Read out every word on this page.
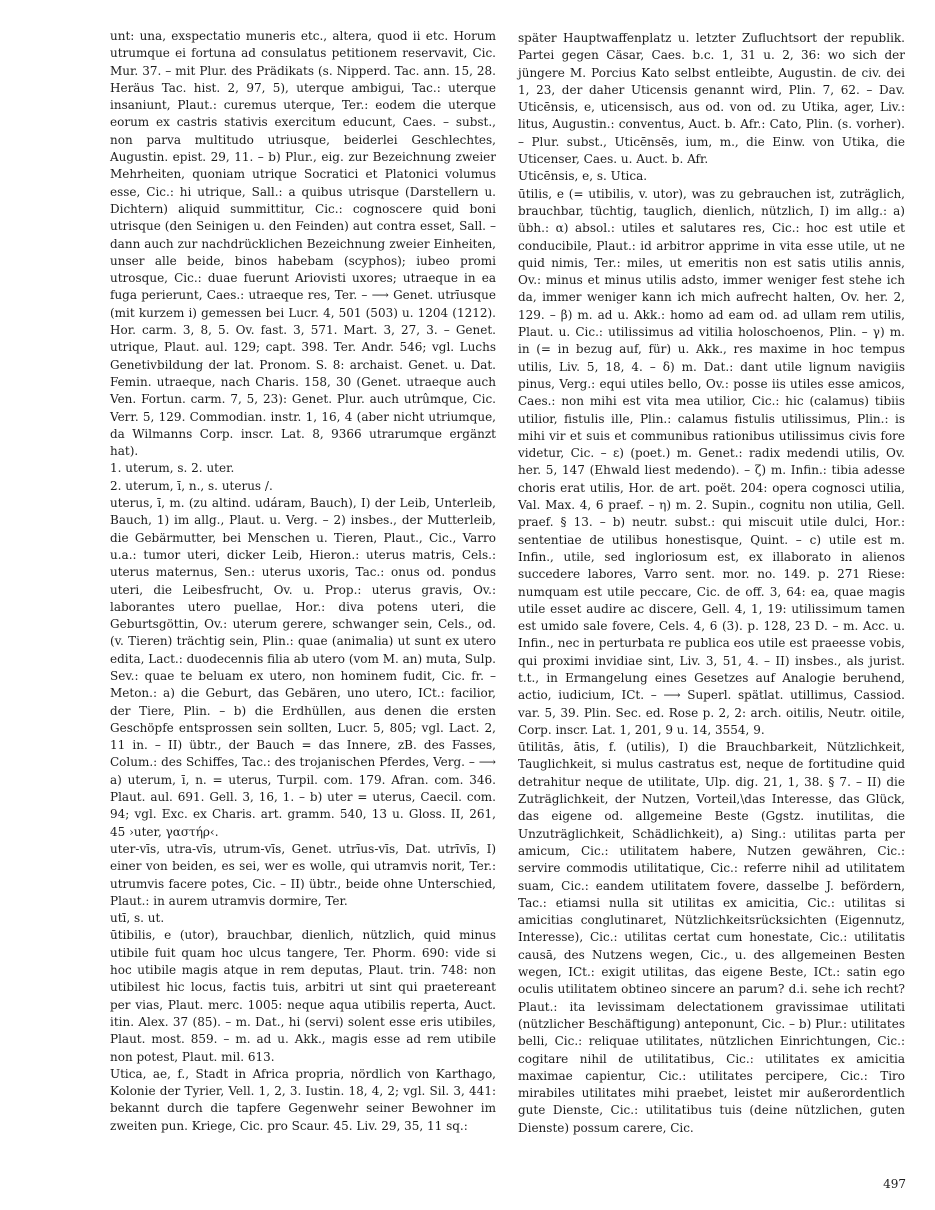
unt: una, exspectatio muneris etc., altera, quod ii etc. Horum utrumque ei fortuna ad consulatus petitionem reservavit, Cic. Mur. 37. – mit Plur. des Prädikats (s. Nipperd. Tac. ann. 15, 28. Heräus Tac. hist. 2, 97, 5), uterque ambigui, Tac.: uterque insaniunt, Plaut.: curemus uterque, Ter.: eodem die uterque eorum ex castris stativis exercitum educunt, Caes. – subst., non parva multitudo utriusque, beiderlei Geschlechtes, Augustin. epist. 29, 11. – b) Plur., eig. zur Bezeichnung zweier Mehrheiten, quoniam utrique Socratici et Platonici volumus esse, Cic.: hi utrique, Sall.: a quibus utrisque (Darstellern u. Dichtern) aliquid summittitur, Cic.: cognoscere quid boni utrisque (den Seinigen u. den Feinden) aut contra esset, Sall. – dann auch zur nachdrücklichen Bezeichnung zweier Einheiten, unser alle beide, binos habebam (scyphos); iubeo promi utrosque, Cic.: duae fuerunt Ariovisti uxores; utraeque in ea fuga perierunt, Caes.: utraeque res, Ter. – ⟶ Genet. utrīusque (mit kurzem i) gemessen bei Lucr. 4, 501 (503) u. 1204 (1212). Hor. carm. 3, 8, 5. Ov. fast. 3, 571. Mart. 3, 27, 3. – Genet. utrique, Plaut. aul. 129; capt. 398. Ter. Andr. 546; vgl. Luchs Genetivbildung der lat. Pronom. S. 8: archaist. Genet. u. Dat. Femin. utraeque, nach Charis. 158, 30 (Genet. utraeque auch Ven. Fortun. carm. 7, 5, 23): Genet. Plur. auch utrûmque, Cic. Verr. 5, 129. Commodian. instr. 1, 16, 4 (aber nicht utriumque, da Wilmanns Corp. inscr. Lat. 8, 9366 utrarumque ergänzt hat).

1. uterum, s. 2. uter.

2. uterum, ī, n., s. uterus /.

uterus, ī, m. (zu altind. udáram, Bauch), I) der Leib, Unterleib, Bauch, 1) im allg., Plaut. u. Verg. – 2) insbes., der Mutterleib, die Gebärmutter, bei Menschen u. Tieren, Plaut., Cic., Varro u.a.: tumor uteri, dicker Leib, Hieron.: uterus matris, Cels.: uterus maternus, Sen.: uterus uxoris, Tac.: onus od. pondus uteri, die Leibesfrucht, Ov. u. Prop.: uterus gravis, Ov.: laborantes utero puellae, Hor.: diva potens uteri, die Geburtsgöttin, Ov.: uterum gerere, schwanger sein, Cels., od. (v. Tieren) trächtig sein, Plin.: quae (animalia) ut sunt ex utero edita, Lact.: duodecennis filia ab utero (vom M. an) muta, Sulp. Sev.: quae te beluam ex utero, non hominem fudit, Cic. fr. – Meton.: a) die Geburt, das Gebären, uno utero, ICt.: facilior, der Tiere, Plin. – b) die Erdhüllen, aus denen die ersten Geschöpfe entsprossen sein sollten, Lucr. 5, 805; vgl. Lact. 2, 11 in. – II) übtr., der Bauch = das Innere, zB. des Fasses, Colum.: des Schiffes, Tac.: des trojanischen Pferdes, Verg. – ⟶ a) uterum, ī, n. = uterus, Turpil. com. 179. Afran. com. 346. Plaut. aul. 691. Gell. 3, 16, 1. – b) uter = uterus, Caecil. com. 94; vgl. Exc. ex Charis. art. gramm. 540, 13 u. Gloss. II, 261, 45 ›uter, γαστήρ‹.

uter-vīs, utra-vīs, utrum-vīs, Genet. utrīus-vīs, Dat. utrīvīs, I) einer von beiden, es sei, wer es wolle, qui utramvis norit, Ter.: utrumvis facere potes, Cic. – II) übtr., beide ohne Unterschied, Plaut.: in aurem utramvis dormire, Ter.

utī, s. ut.

ūtibilis, e (utor), brauchbar, dienlich, nützlich, quid minus utibile fuit quam hoc ulcus tangere, Ter. Phorm. 690: vide si hoc utibile magis atque in rem deputas, Plaut. trin. 748: non utibilest hic locus, factis tuis, arbitri ut sint qui praetereant per vias, Plaut. merc. 1005: neque aqua utibilis reperta, Auct. itin. Alex. 37 (85). – m. Dat., hi (servi) solent esse eris utibiles, Plaut. most. 859. – m. ad u. Akk., magis esse ad rem utibile non potest, Plaut. mil. 613.

Utica, ae, f., Stadt in Africa propria, nördlich von Karthago, Kolonie der Tyrier, Vell. 1, 2, 3. Iustin. 18, 4, 2; vgl. Sil. 3, 441: bekannt durch die tapfere Gegenwehr seiner Bewohner im zweiten pun. Kriege, Cic. pro Scaur. 45. Liv. 29, 35, 11 sq.:

später Hauptwaffenplatz u. letzter Zufluchtsort der republik. Partei gegen Cäsar, Caes. b.c. 1, 31 u. 2, 36: wo sich der jüngere M. Porcius Kato selbst entleibte, Augustin. de civ. dei 1, 23, der daher Uticensis genannt wird, Plin. 7, 62. – Dav. Uticēnsis, e, uticensisch, aus od. von od. zu Utika, ager, Liv.: litus, Augustin.: conventus, Auct. b. Afr.: Cato, Plin. (s. vorher). – Plur. subst., Uticēnsēs, ium, m., die Einw. von Utika, die Uticenser, Caes. u. Auct. b. Afr.

Uticēnsis, e, s. Utica.

ūtilis, e (= utibilis, v. utor), was zu gebrauchen ist, zuträglich, brauchbar, tüchtig, tauglich, dienlich, nützlich, I) im allg.: a) übh.: α) absol.: utiles et salutares res, Cic.: hoc est utile et conducibile, Plaut.: id arbitror apprime in vita esse utile, ut ne quid nimis, Ter.: miles, ut emeritis non est satis utilis annis, Ov.: minus et minus utilis adsto, immer weniger fest stehe ich da, immer weniger kann ich mich aufrecht halten, Ov. her. 2, 129. – β) m. ad u. Akk.: homo ad eam od. ad ullam rem utilis, Plaut. u. Cic.: utilissimus ad vitilia holoschoenos, Plin. – γ) m. in (= in bezug auf, für) u. Akk., res maxime in hoc tempus utilis, Liv. 5, 18, 4. – δ) m. Dat.: dant utile lignum navigiis pinus, Verg.: equi utiles bello, Ov.: posse iis utiles esse amicos, Caes.: non mihi est vita mea utilior, Cic.: hic (calamus) tibiis utilior, fistulis ille, Plin.: calamus fistulis utilissimus, Plin.: is mihi vir et suis et communibus rationibus utilissimus civis fore videtur, Cic. – ε) (poet.) m. Genet.: radix medendi utilis, Ov. her. 5, 147 (Ehwald liest medendo). – ζ) m. Infin.: tibia adesse choris erat utilis, Hor. de art. poët. 204: opera cognosci utilia, Val. Max. 4, 6 praef. – η) m. 2. Supin., cognitu non utilia, Gell. praef. § 13. – b) neutr. subst.: qui miscuit utile dulci, Hor.: sententiae de utilibus honestisque, Quint. – c) utile est m. Infin., utile, sed ingloriosum est, ex illaborato in alienos succedere labores, Varro sent. mor. no. 149. p. 271 Riese: numquam est utile peccare, Cic. de off. 3, 64: ea, quae magis utile esset audire ac discere, Gell. 4, 1, 19: utilissimum tamen est umido sale fovere, Cels. 4, 6 (3). p. 128, 23 D. – m. Acc. u. Infin., nec in perturbata re publica eos utile est praeesse vobis, qui proximi invidiae sint, Liv. 3, 51, 4. – II) insbes., als jurist. t.t., in Ermangelung eines Gesetzes auf Analogie beruhend, actio, iudicium, ICt. – ⟶ Superl. spätlat. utillimus, Cassiod. var. 5, 39. Plin. Sec. ed. Rose p. 2, 2: arch. oitilis, Neutr. oitile, Corp. inscr. Lat. 1, 201, 9 u. 14, 3554, 9.

ūtilitās, ātis, f. (utilis), I) die Brauchbarkeit, Nützlichkeit, Tauglichkeit, si mulus castratus est, neque de fortitudine quid detrahitur neque de utilitate, Ulp. dig. 21, 1, 38. § 7. – II) die Zuträglichkeit, der Nutzen, Vorteil,\das Interesse, das Glück, das eigene od. allgemeine Beste (Ggstz. inutilitas, die Unzuträglichkeit, Schädlichkeit), a) Sing.: utilitas parta per amicum, Cic.: utilitatem habere, Nutzen gewähren, Cic.: servire commodis utilitatique, Cic.: referre nihil ad utilitatem suam, Cic.: eandem utilitatem fovere, dasselbe J. befördern, Tac.: etiamsi nulla sit utilitas ex amicitia, Cic.: utilitas si amicitias conglutinaret, Nützlichkeitsrücksichten (Eigennutz, Interesse), Cic.: utilitas certat cum honestate, Cic.: utilitatis causā, des Nutzens wegen, Cic., u. des allgemeinen Besten wegen, ICt.: exigit utilitas, das eigene Beste, ICt.: satin ego oculis utilitatem obtineo sincere an parum? d.i. sehe ich recht? Plaut.: ita levissimam delectationem gravissimae utilitati (nützlicher Beschäftigung) anteponunt, Cic. – b) Plur.: utilitates belli, Cic.: reliquae utilitates, nützlichen Einrichtungen, Cic.: cogitare nihil de utilitatibus, Cic.: utilitates ex amicitia maximae capientur, Cic.: utilitates percipere, Cic.: Tiro mirabiles utilitates mihi praebet, leistet mir außerordentlich gute Dienste, Cic.: utilitatibus tuis (deine nützlichen, guten Dienste) possum carere, Cic.

497
